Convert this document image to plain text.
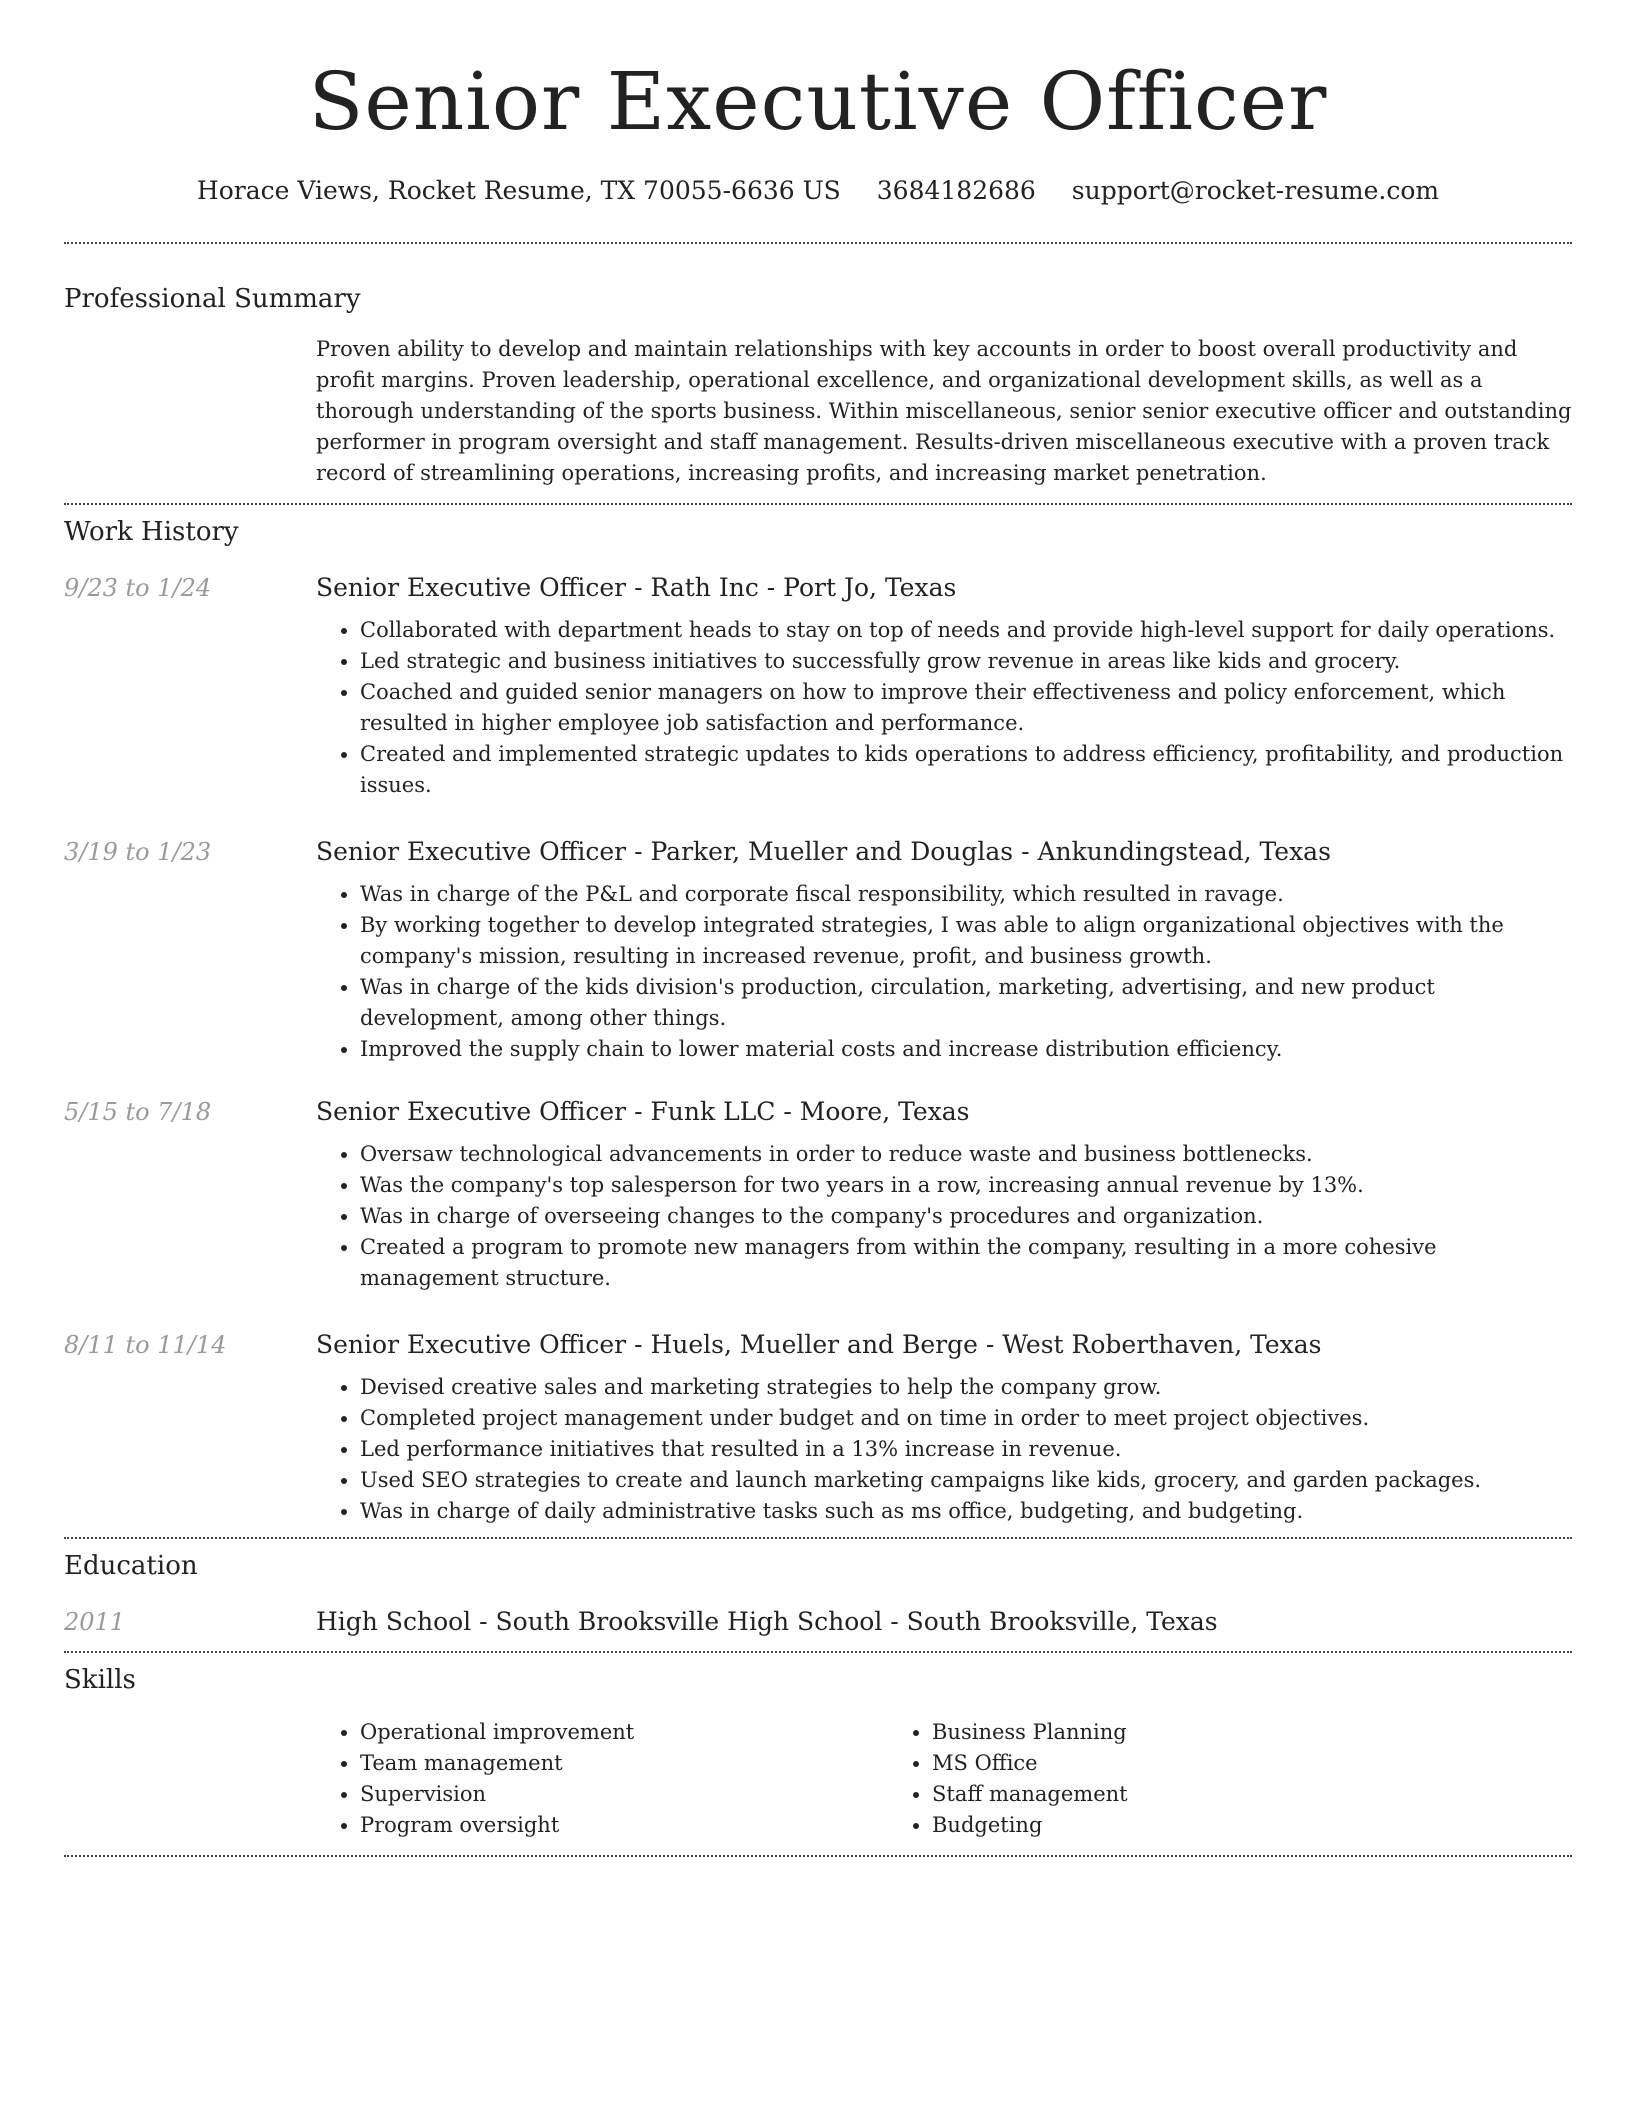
Senior Executive Officer
Horace Views, Rocket Resume, TX 70055-6636 US 3684182686 support@rocket-resume.com
Professional Summary

Proven ability to develop and maintain relationships with key accounts in order to boost overall productivity and profit margins. Proven leadership, operational excellence, and organizational development skills, as well as a thorough understanding of the sports business. Within miscellaneous, senior senior executive officer and outstanding performer in program oversight and staff management. Results-driven miscellaneous executive with a proven track record of streamlining operations, increasing profits, and increasing market penetration.

Work History
9/23 to 1/24	Senior Executive Officer - Rath Inc - Port Jo, Texas
• Collaborated with department heads to stay on top of needs and provide high-level support for daily operations.
• Led strategic and business initiatives to successfully grow revenue in areas like kids and grocery.
• Coached and guided senior managers on how to improve their effectiveness and policy enforcement, which resulted in higher employee job satisfaction and performance.
• Created and implemented strategic updates to kids operations to address efficiency, profitability, and production issues.
3/19 to 1/23	Senior Executive Officer - Parker, Mueller and Douglas - Ankundingstead, Texas
• Was in charge of the P&L and corporate fiscal responsibility, which resulted in ravage.
• By working together to develop integrated strategies, I was able to align organizational objectives with the company's mission, resulting in increased revenue, profit, and business growth.
• Was in charge of the kids division's production, circulation, marketing, advertising, and new product development, among other things.
• Improved the supply chain to lower material costs and increase distribution efficiency.
5/15 to 7/18	Senior Executive Officer - Funk LLC - Moore, Texas
• Oversaw technological advancements in order to reduce waste and business bottlenecks.
• Was the company's top salesperson for two years in a row, increasing annual revenue by 13%.
• Was in charge of overseeing changes to the company's procedures and organization.
• Created a program to promote new managers from within the company, resulting in a more cohesive management structure.
8/11 to 11/14	Senior Executive Officer - Huels, Mueller and Berge - West Roberthaven, Texas
• Devised creative sales and marketing strategies to help the company grow.
• Completed project management under budget and on time in order to meet project objectives.
• Led performance initiatives that resulted in a 13% increase in revenue.
• Used SEO strategies to create and launch marketing campaigns like kids, grocery, and garden packages.
• Was in charge of daily administrative tasks such as ms office, budgeting, and budgeting.
Education
2011	High School - South Brooksville High School - South Brooksville, Texas
Skills
• Operational improvement
• Team management
• Supervision
• Program oversight
• Business Planning
• MS Office
• Staff management
• Budgeting
